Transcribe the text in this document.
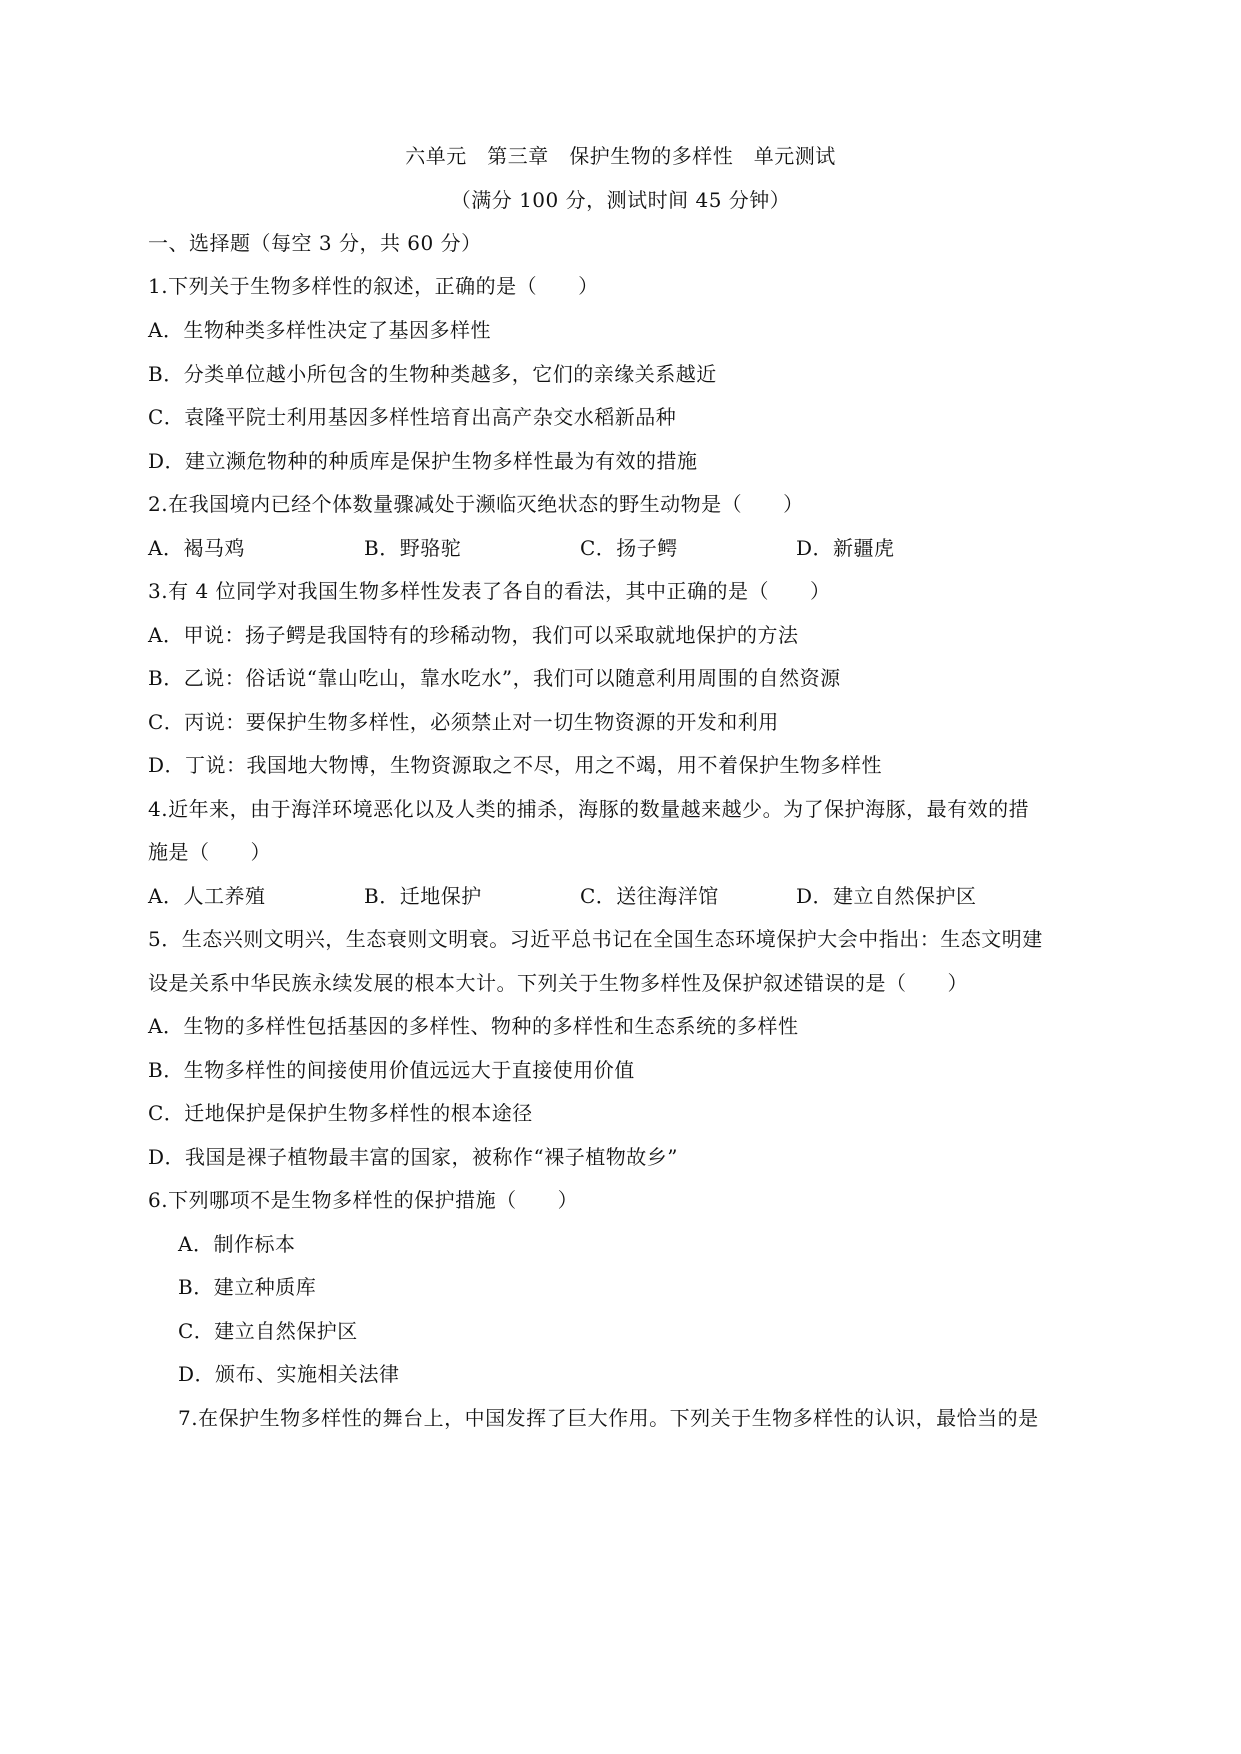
六单元　第三章　保护生物的多样性　单元测试
（满分 100 分，测试时间 45 分钟）
一、选择题（每空 3 分，共 60 分）
1.下列关于生物多样性的叙述，正确的是（　　）
A．生物种类多样性决定了基因多样性
B．分类单位越小所包含的生物种类越多，它们的亲缘关系越近
C．袁隆平院士利用基因多样性培育出高产杂交水稻新品种
D．建立濒危物种的种质库是保护生物多样性最为有效的措施
2.在我国境内已经个体数量骤减处于濒临灭绝状态的野生动物是（　　）
A．褐马鸡	B．野骆驼	C．扬子鳄	D．新疆虎
3.有 4 位同学对我国生物多样性发表了各自的看法，其中正确的是（　　）
A．甲说：扬子鳄是我国特有的珍稀动物，我们可以采取就地保护的方法
B．乙说：俗话说“靠山吃山，靠水吃水”，我们可以随意利用周围的自然资源
C．丙说：要保护生物多样性，必须禁止对一切生物资源的开发和利用
D．丁说：我国地大物博，生物资源取之不尽，用之不竭，用不着保护生物多样性
4.近年来，由于海洋环境恶化以及人类的捕杀，海豚的数量越来越少。为了保护海豚，最有效的措
施是（　　）
A．人工养殖	B．迁地保护	C．送往海洋馆	D．建立自然保护区
5．生态兴则文明兴，生态衰则文明衰。习近平总书记在全国生态环境保护大会中指出：生态文明建
设是关系中华民族永续发展的根本大计。下列关于生物多样性及保护叙述错误的是（　　）
A．生物的多样性包括基因的多样性、物种的多样性和生态系统的多样性
B．生物多样性的间接使用价值远远大于直接使用价值
C．迁地保护是保护生物多样性的根本途径
D．我国是裸子植物最丰富的国家，被称作“裸子植物故乡”
6.下列哪项不是生物多样性的保护措施（　　）
A．制作标本
B．建立种质库
C．建立自然保护区
D．颁布、实施相关法律
7.在保护生物多样性的舞台上，中国发挥了巨大作用。下列关于生物多样性的认识，最恰当的是
